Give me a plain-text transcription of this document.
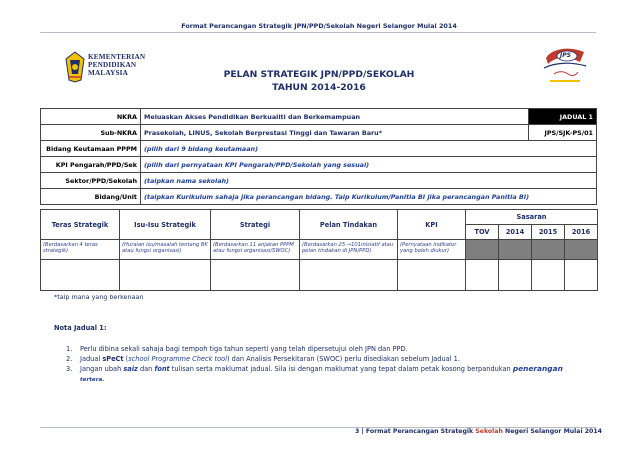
Format Perancangan Strategik JPN/PPD/Sekolah Negeri Selangor Mulai 2014
KEMENTERIAN
PENDIDIKAN
MALAYSIA
JPS
PELAN STRATEGIK JPN/PPD/SEKOLAH
TAHUN 2014-2016
NKRA	Meluaskan Akses Pendidikan Berkualiti dan Berkemampuan	JADUAL 1
Sub-NKRA	Prasekolah, LINUS, Sekolah Berprestasi Tinggi dan Tawaran Baru*	JPS/SJK-PS/01
Bidang Keutamaan PPPM	(pilih dari 9 bidang keutamaan)	
KPI Pengarah/PPD/Sek	(pilih dari pernyataan KPI Pengarah/PPD/Sekolah yang sesuai)	
Sektor/PPD/Sekolah	(taipkan nama sekolah)	
Bidang/Unit	(taipkan Kurikulum sahaja jika perancangan bidang. Taip Kurikulum/Panitia BI jika perancangan Panitia BI)	
Teras Strategik	Isu-Isu Strategik	Strategi	Pelan Tindakan	KPI	Sasaran			
					TOV	2014	2015	2016
(Berdasarkan 4 teras strategik)	(Huraian isu/masalah tentang BK atau fungsi organisasi)	(Berdasarkan 11 anjakan PPPM atau fungsi organisasi/SWOC)	(Berdasarkan 25 →101inisiatif atau pelan tindakan di JPN/PPD)	(Pernyataan indikator yang boleh diukur)				

*taip mana yang berkenaan
Nota Jadual 1:
1. Perlu dibina sekali sahaja bagi tempoh tiga tahun seperti yang telah dipersetujui oleh JPN dan PPD.
2. Jadual sPeCt (school Programme Check tool) dan Analisis Persekitaran (SWOC) perlu disediakan sebelum Jadual 1.
3. Jangan ubah saiz dan font tulisan serta maklumat jadual. Sila isi dengan maklumat yang tepat dalam petak kosong berpandukan penerangan
tertera.
3 | Format Perancangan Strategik Sekolah Negeri Selangor Mulai 2014
